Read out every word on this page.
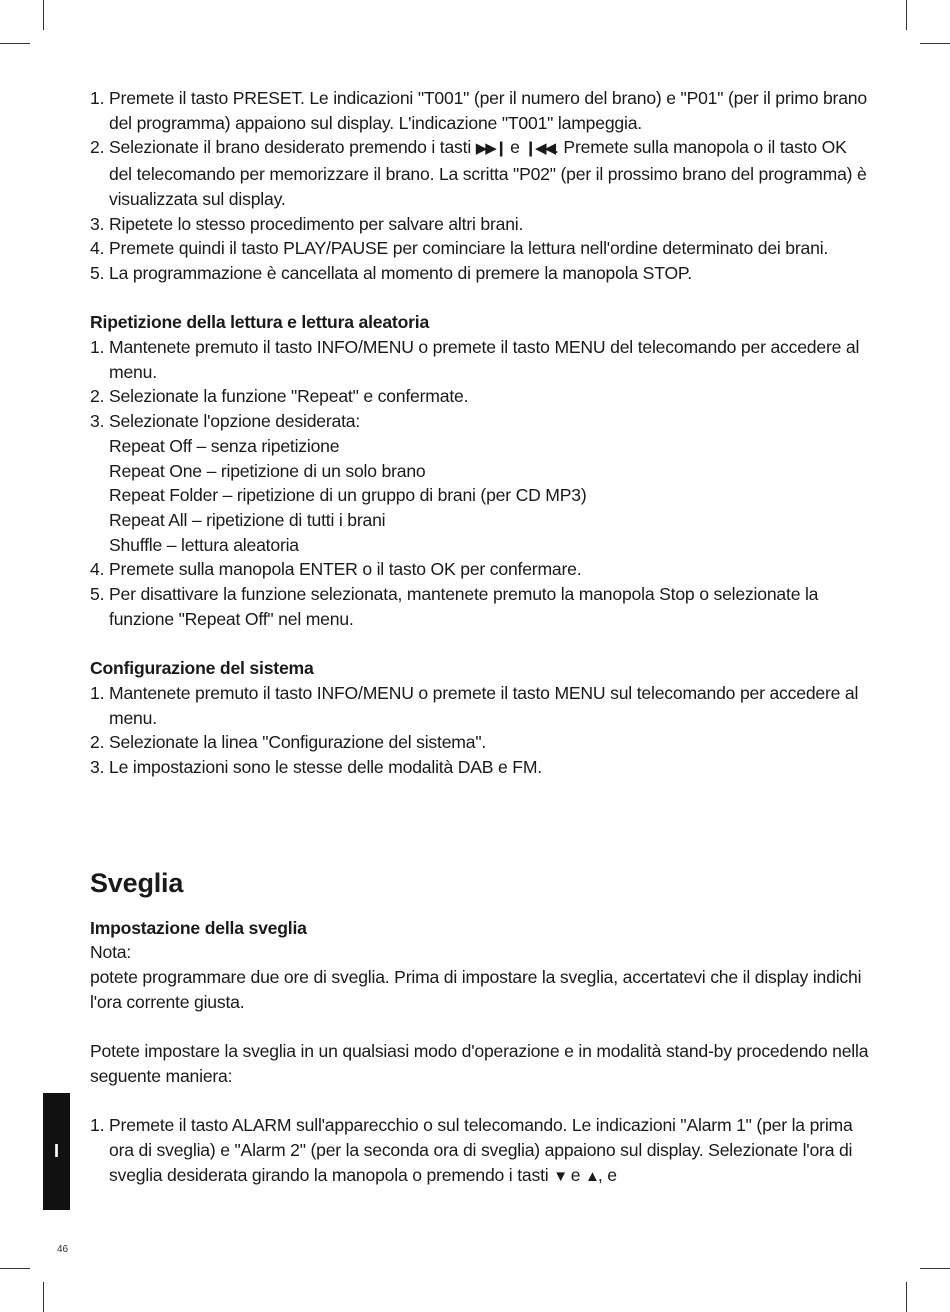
1. Premete il tasto PRESET. Le indicazioni "T001" (per il numero del brano) e "P01" (per il primo brano del programma) appaiono sul display. L'indicazione "T001" lampeggia.
2. Selezionate il brano desiderato premendo i tasti ▶▶❙ e ❙◀◀. Premete sulla manopola o il tasto OK del telecomando per memorizzare il brano. La scritta "P02" (per il prossimo brano del programma) è visualizzata sul display.
3. Ripetete lo stesso procedimento per salvare altri brani.
4. Premete quindi il tasto PLAY/PAUSE per cominciare la lettura nell'ordine determinato dei brani.
5. La programmazione è cancellata al momento di premere la manopola STOP.
Ripetizione della lettura e lettura aleatoria
1. Mantenete premuto il tasto INFO/MENU o premete il tasto MENU del telecomando per accedere al menu.
2. Selezionate la funzione "Repeat" e confermate.
3. Selezionate l'opzione desiderata:
Repeat Off – senza ripetizione
Repeat One – ripetizione di un solo brano
Repeat Folder – ripetizione di un gruppo di brani (per CD MP3)
Repeat All – ripetizione di tutti i brani
Shuffle – lettura aleatoria
4. Premete sulla manopola ENTER o il tasto OK per confermare.
5. Per disattivare la funzione selezionata, mantenete premuto la manopola Stop o selezionate la funzione "Repeat Off" nel menu.
Configurazione del sistema
1. Mantenete premuto il tasto INFO/MENU o premete il tasto MENU sul telecomando per accedere al menu.
2. Selezionate la linea "Configurazione del sistema".
3. Le impostazioni sono le stesse delle modalità DAB e FM.
Sveglia
Impostazione della sveglia
Nota:
potete programmare due ore di sveglia. Prima di impostare la sveglia, accertatevi che il display indichi l'ora corrente giusta.
Potete impostare la sveglia in un qualsiasi modo d'operazione e in modalità stand-by procedendo nella seguente maniera:
1. Premete il tasto ALARM sull'apparecchio o sul telecomando. Le indicazioni "Alarm 1" (per la prima ora di sveglia) e "Alarm 2" (per la seconda ora di sveglia) appaiono sul display. Selezionate l'ora di sveglia desiderata girando la manopola o premendo i tasti ▼ e ▲, e
I
46
